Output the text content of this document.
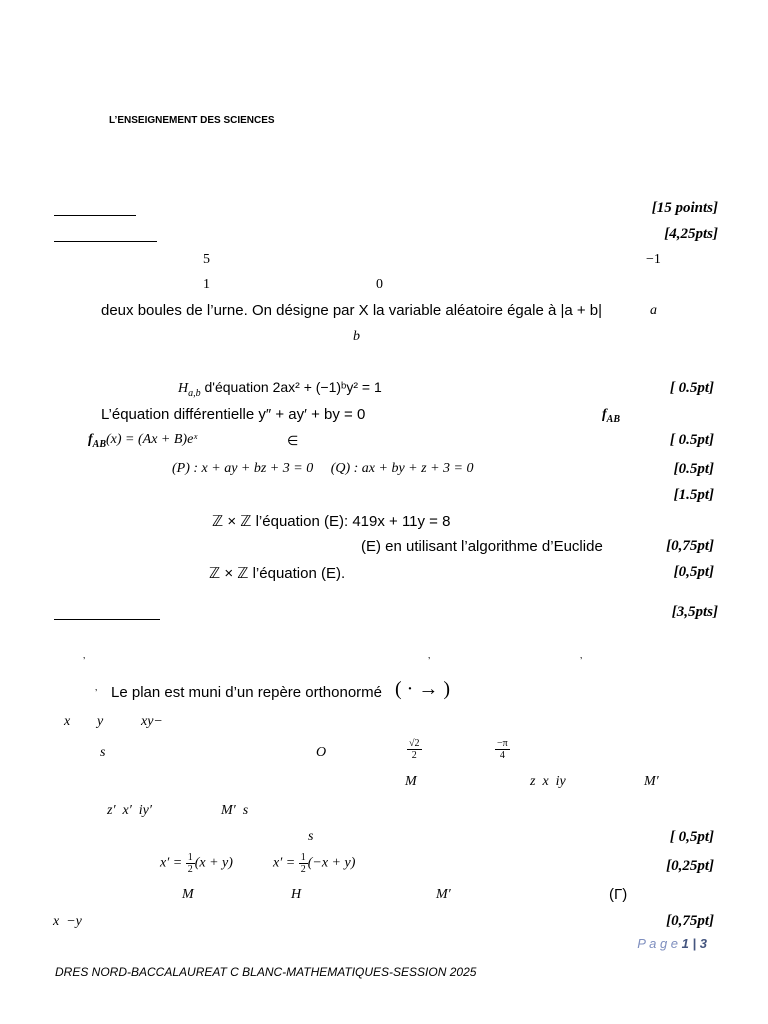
L’ENSEIGNEMENT DES SCIENCES
[15 points]
[4,25pts]
5	−1
1	0
deux boules de l’urne. On désigne par X la variable aléatoire égale à |a + b|	a
b
$H_{a,b}$ d'équation 2ax² + (−1)ᵇy² = 1	[ 0.5pt]
L’équation différentielle y″ + ay′ + by = 0	$f_{AB}$
$f_{AB}(x) = (Ax$ + B)eˣ	∈	[ 0.5pt]
(P) : x + ay + bz + 3 = 0     (Q) : ax + by + z + 3 = 0	[0.5pt]
[1.5pt]
ℤ × ℤ l’équation (E): 419x + 11y = 8
(E) en utilisant l’algorithme d’Euclide	[0,75pt]
ℤ × ℤ l’équation (E).	[0,5pt]
[3,5pts]
‚	‚	‚
‚ Le plan est muni d’un repère orthonormé ( · → )
x y	xy−
s	O	$\frac{√2}{2}$	$\frac{-\pi}{4}$
M	z  x  iy	M′
z′  x′  iy′	M′  s
s	[ 0,5pt]
$x' = \frac{1}{2} (x + y)$	$x' = \frac{1}{2} (-x + y)$	[0,25pt]
M	H	M′	(Γ)
x  −y	[0,75pt]
P a g e 1 | 3
DRES NORD-BACCALAUREAT C BLANC-MATHEMATIQUES-SESSION 2025
